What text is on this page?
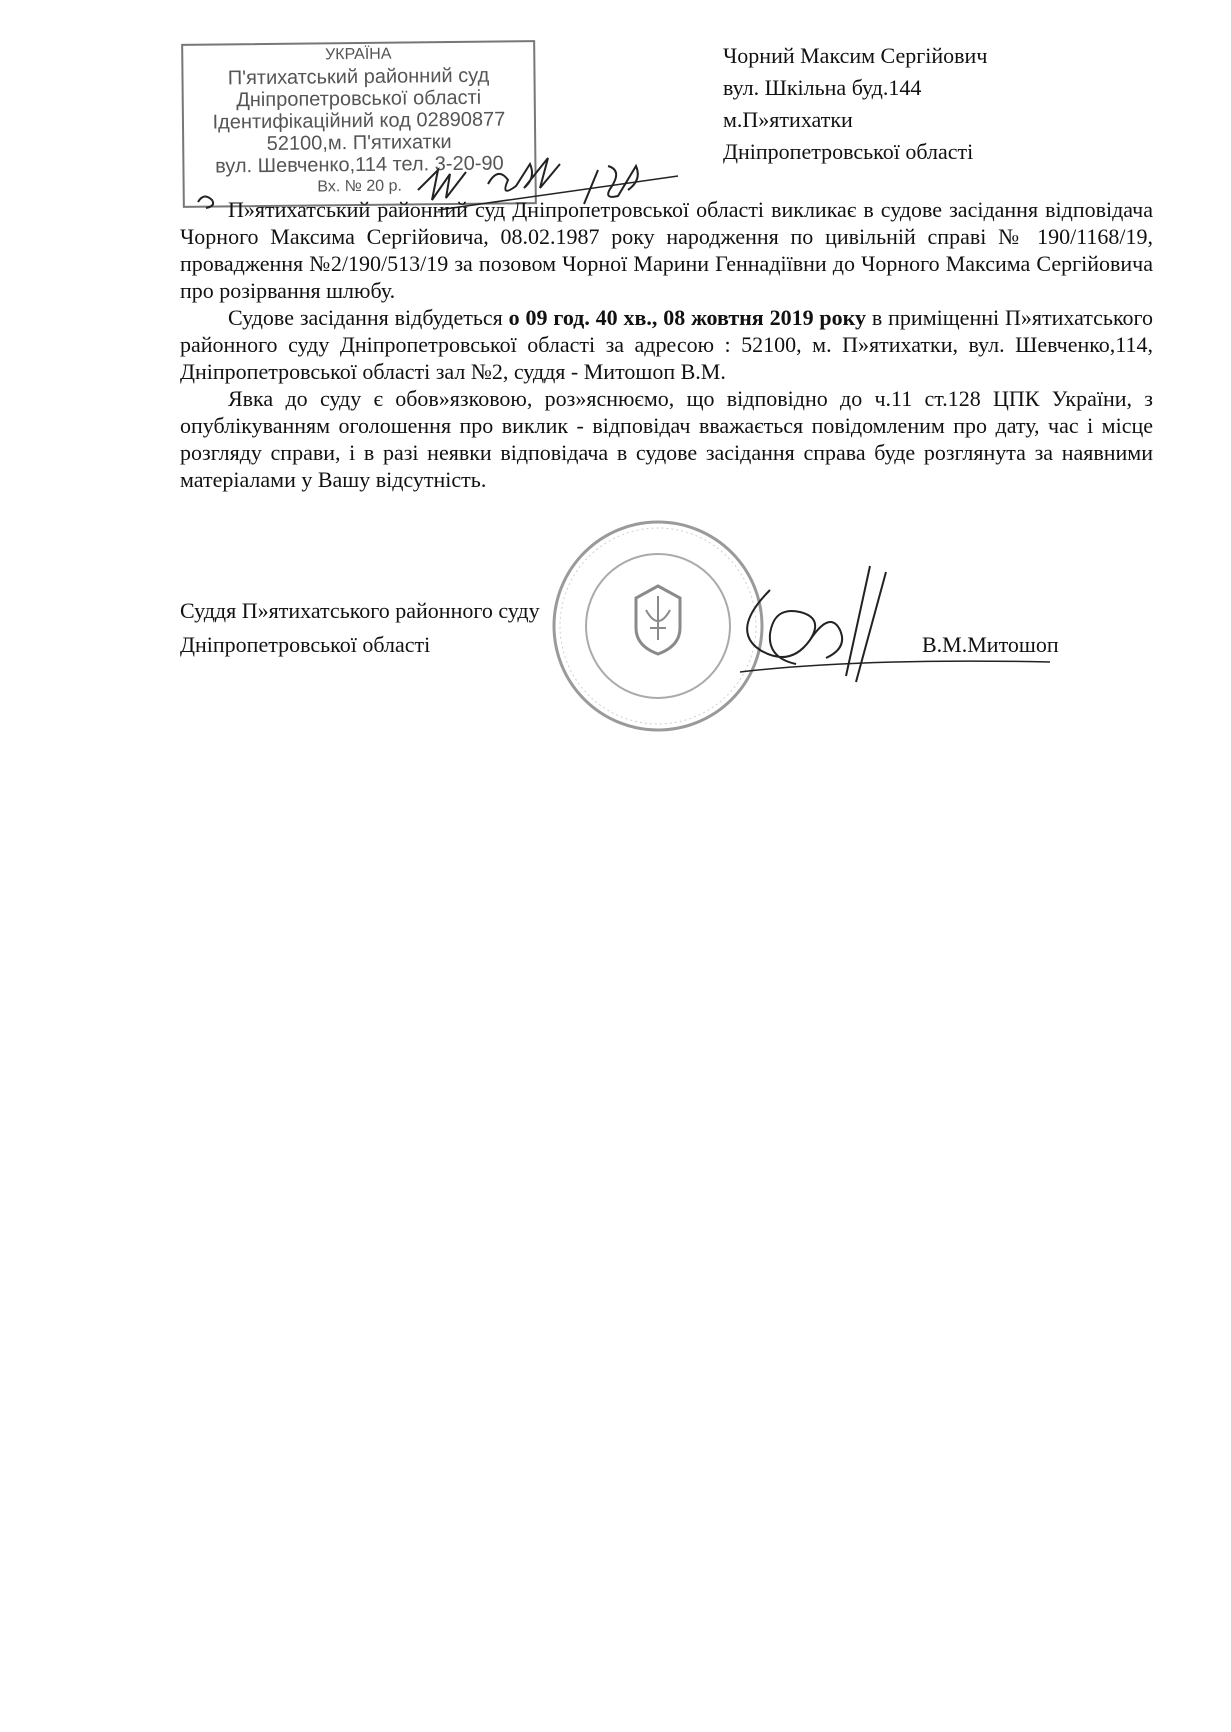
УКРАЇНА
П'ятихатський районний суд
Дніпропетровської області
Ідентифікаційний код 02890877
52100,м. П'ятихатки
вул. Шевченко,114 тел. 3-20-90
Вх. № 20 р.
Чорний Максим Сергійович
вул. Шкільна буд.144
м.П»ятихатки
Дніпропетровської області

П»ятихатський районний суд Дніпропетровської області викликає в судове засідання відповідача Чорного Максима Сергійовича, 08.02.1987 року народження по цивільній справі № 190/1168/19, провадження №2/190/513/19 за позовом Чорної Марини Геннадіївни до Чорного Максима Сергійовича про розірвання шлюбу.

Судове засідання відбудеться о 09 год. 40 хв., 08 жовтня 2019 року в приміщенні П»ятихатського районного суду Дніпропетровської області за адресою : 52100, м. П»ятихатки, вул. Шевченко,114, Дніпропетровської області зал №2, суддя - Митошоп В.М.

Явка до суду є обов»язковою, роз»яснюємо, що відповідно до ч.11 ст.128 ЦПК України, з опублікуванням оголошення про виклик - відповідач вважається повідомленим про дату, час і місце розгляду справи, і в разі неявки відповідача в судове засідання справа буде розглянута за наявними матеріалами у Вашу відсутність.

Суддя П»ятихатського районного суду
Дніпропетровської області	В.М.Митошоп
